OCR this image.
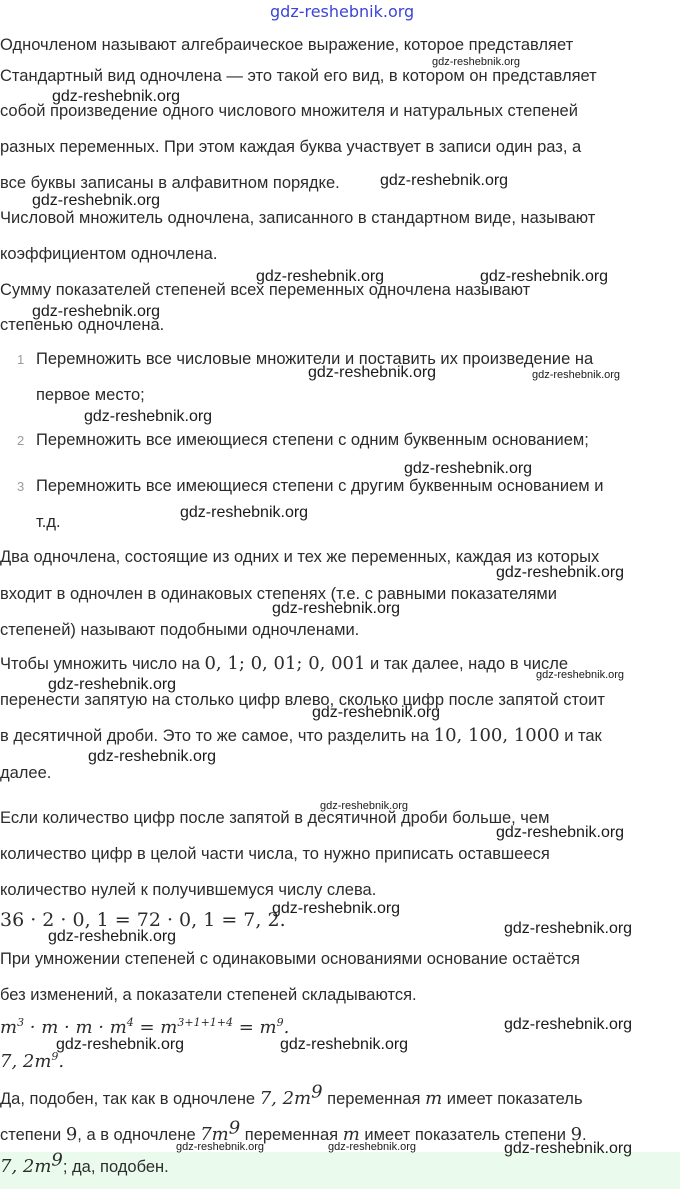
gdz-reshebnik.org
Одночленом называют алгебраическое выражение, которое представляет
Стандартный вид одночлена — это такой его вид, в котором он представляет
собой произведение одного числового множителя и натуральных степеней
разных переменных. При этом каждая буква участвует в записи один раз, а
все буквы записаны в алфавитном порядке.
Числовой множитель одночлена, записанного в стандартном виде, называют
коэффициентом одночлена.
Сумму показателей степеней всех переменных одночлена называют
степенью одночлена.
1 Перемножить все числовые множители и поставить их произведение на
первое место;
2 Перемножить все имеющиеся степени с одним буквенным основанием;
3 Перемножить все имеющиеся степени с другим буквенным основанием и
т.д.
Два одночлена, состоящие из одних и тех же переменных, каждая из которых
входит в одночлен в одинаковых степенях (т.е. с равными показателями
степеней) называют подобными одночленами.
Чтобы умножить число на 0, 1; 0, 01; 0, 001 и так далее, надо в числе
перенести запятую на столько цифр влево, сколько цифр после запятой стоит
в десятичной дроби. Это то же самое, что разделить на 10, 100, 1000 и так
далее.
Если количество цифр после запятой в десятичной дроби больше, чем
количество цифр в целой части числа, то нужно приписать оставшееся
количество нулей к получившемуся числу слева.
36 · 2 · 0, 1 = 72 · 0, 1 = 7, 2.
При умножении степеней с одинаковыми основаниями основание остаётся
без изменений, а показатели степеней складываются.
$m^3 \cdot m \cdot m \cdot m^4 = m^{3+1+1+4} = m^9$.
7, $2m^9$.
Да, подобен, так как в одночлене 7, $2m^9$ переменная m имеет показатель
степени 9, а в одночлене $7m^9$ переменная m имеет показатель степени 9.
7, $2m^9$; да, подобен.
gdz-reshebnik.org
gdz-reshebnik.org
gdz-reshebnik.org
gdz-reshebnik.org
gdz-reshebnik.org	gdz-reshebnik.org
gdz-reshebnik.org
gdz-reshebnik.org	gdz-reshebnik.org
gdz-reshebnik.org
gdz-reshebnik.org
gdz-reshebnik.org
gdz-reshebnik.org
gdz-reshebnik.org
gdz-reshebnik.org
gdz-reshebnik.org
gdz-reshebnik.org
gdz-reshebnik.org
gdz-reshebnik.org
gdz-reshebnik.org
gdz-reshebnik.org
gdz-reshebnik.org
gdz-reshebnik.org
gdz-reshebnik.org
gdz-reshebnik.org	gdz-reshebnik.org
gdz-reshebnik.org	gdz-reshebnik.org	gdz-reshebnik.org
